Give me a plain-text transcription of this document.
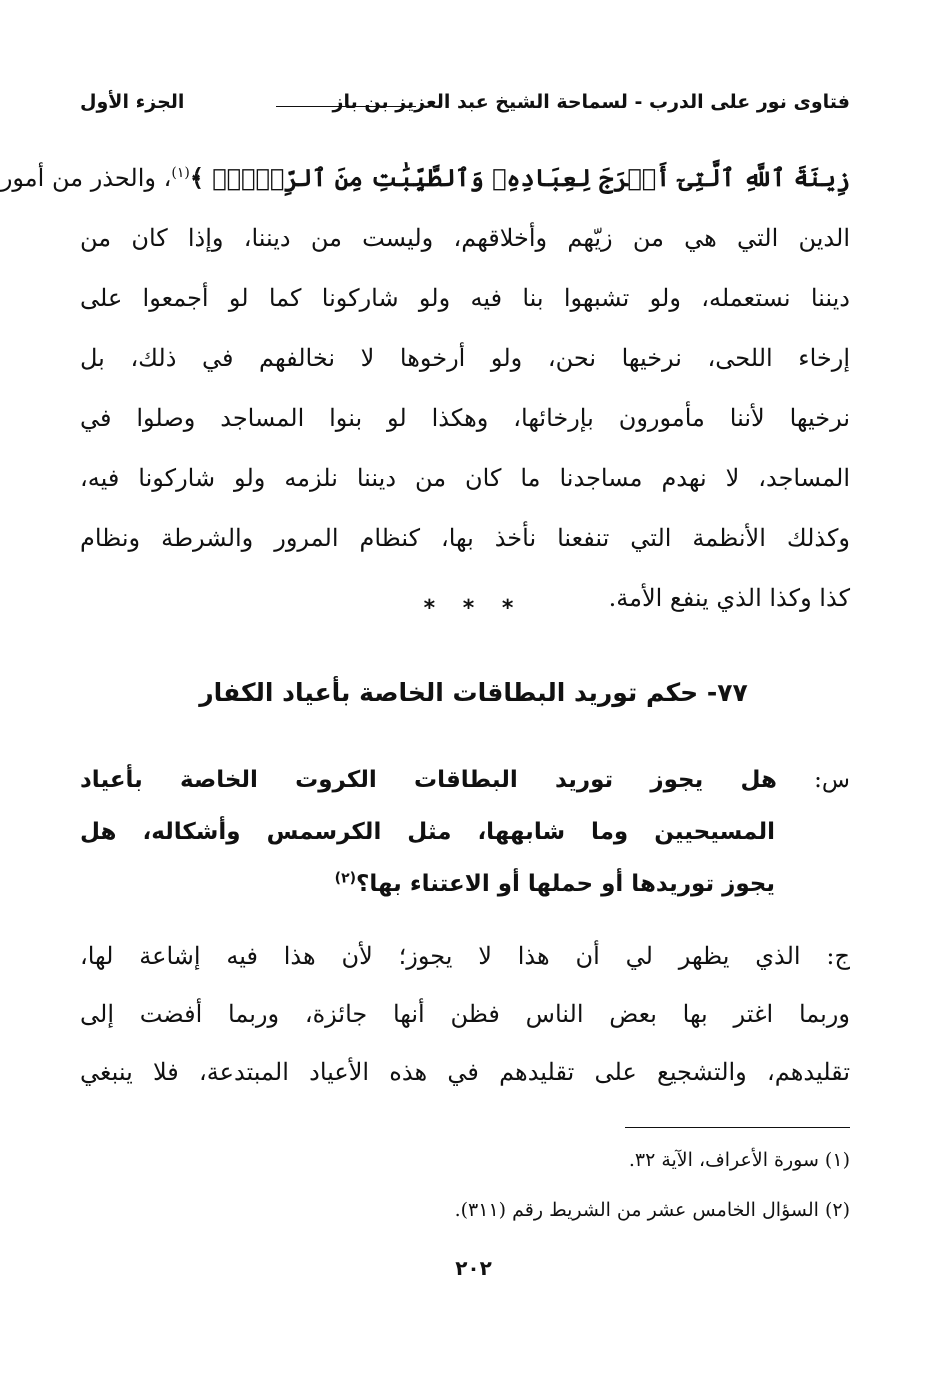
فتاوى نور على الدرب - لسماحة الشيخ عبد العزيز بن باز
الجزء الأول
زِينَةَ ٱللَّهِ ٱلَّتِىٓ أَخۡرَجَ لِعِبَادِهِۦ وَٱلطَّيِّبَٰتِ مِنَ ٱلرِّزۡقِۚ ﴾$^{(١)}$، والحذر من أمور
الدين التي هي من زيّهم وأخلاقهم، وليست من ديننا، وإذا كان من
ديننا نستعمله، ولو تشبهوا بنا فيه ولو شاركونا كما لو أجمعوا على
إرخاء اللحى، نرخيها نحن، ولو أرخوها لا نخالفهم في ذلك، بل
نرخيها لأننا مأمورون بإرخائها، وهكذا لو بنوا المساجد وصلوا في
المساجد، لا نهدم مساجدنا ما كان من ديننا نلزمه ولو شاركونا فيه،
وكذلك الأنظمة التي تنفعنا نأخذ بها، كنظام المرور والشرطة ونظام
كذا وكذا الذي ينفع الأمة.
* * *
٧٧- حكم توريد البطاقات الخاصة بأعياد الكفار
س: هل يجوز توريد البطاقات الكروت الخاصة بأعياد
المسيحيين وما شابهها، مثل الكرسمس وأشكاله، هل
يجوز توريدها أو حملها أو الاعتناء بها؟$^{(٢)}$
ج: الذي يظهر لي أن هذا لا يجوز؛ لأن هذا فيه إشاعة لها،
وربما اغتر بها بعض الناس فظن أنها جائزة، وربما أفضت إلى
تقليدهم، والتشجيع على تقليدهم في هذه الأعياد المبتدعة، فلا ينبغي
(١) سورة الأعراف، الآية ٣٢.
(٢) السؤال الخامس عشر من الشريط رقم (٣١١).
٢٠٢
